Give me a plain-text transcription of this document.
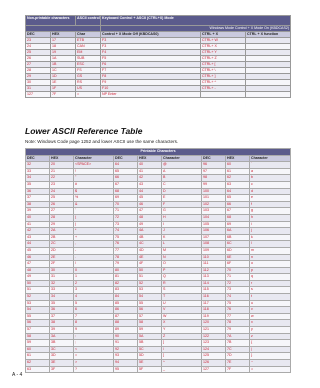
Non-printable characters		ASCII control	Keyboard Control + ASCII (CTRL+X) Mode		
			Windows Mode Control + X Mode On (KBDCAS2)		
DEC	HEX	Char	Control + X Mode Off (KBDCAS0)	CTRL + X	CTRL + X function
23	17	ETB	F3	CTRL+ W	
24	18	CAN	F3	CTRL+ X	
25	19	EM	F4	CTRL+ Y	
26	1A	SUB	F5	CTRL+ Z	
27	1B	ESC	F6	CTRL+ [	
28	1C	FS	F7	CTRL+ \	
29	1D	GS	F8	CTRL+ ]	
30	1E	RS	F9	CTRL+ ^	
31	1F	US	F10	CTRL+ -	
127	7F	⌂	NP Enter		
Lower ASCII Reference Table
Note: Windows Code page 1252 and lower ASCII use the same characters.
Printable Characters								
DEC	HEX	Character	DEC	HEX	Character	DEC	HEX	Character
32	20	<SPACE>	64	40	@	96	60	`
33	21	!	65	41	A	97	61	a
34	22	"	66	42	B	98	62	b
35	23	#	67	43	C	99	63	c
36	24	$	68	44	D	100	64	d
37	25	%	69	45	E	101	65	e
38	26	&	70	46	F	102	66	f
39	27	'	71	47	G	103	67	g
40	28	(	72	48	H	104	68	h
41	29	)	73	49	I	105	69	i
42	2A	*	74	4A	J	106	6A	j
43	2B	+	75	4B	K	107	6B	k
44	2C	,	76	4C	L	108	6C	l
45	2D	-	77	4D	M	109	6D	m
46	2E	.	78	4E	N	110	6E	n
47	2F	/	79	4F	O	111	6F	o
48	30	0	80	50	P	112	70	p
49	31	1	81	51	Q	113	71	q
50	32	2	82	52	R	114	72	r
51	33	3	83	53	S	115	73	s
52	34	4	84	54	T	116	74	t
53	35	5	85	55	U	117	75	u
54	36	6	86	56	V	118	76	v
55	37	7	87	57	W	119	77	w
56	38	8	88	58	X	120	78	x
57	39	9	89	59	Y	121	79	y
58	3A	:	90	5A	Z	122	7A	z
59	3B	;	91	5B	[	123	7B	{
60	3C	<	92	5C	\	124	7C	|
61	3D	=	93	5D	]	125	7D	}
62	3E	>	94	5E	^	126	7E	~
63	3F	?	95	5F	_	127	7F	⌂
A - 4
